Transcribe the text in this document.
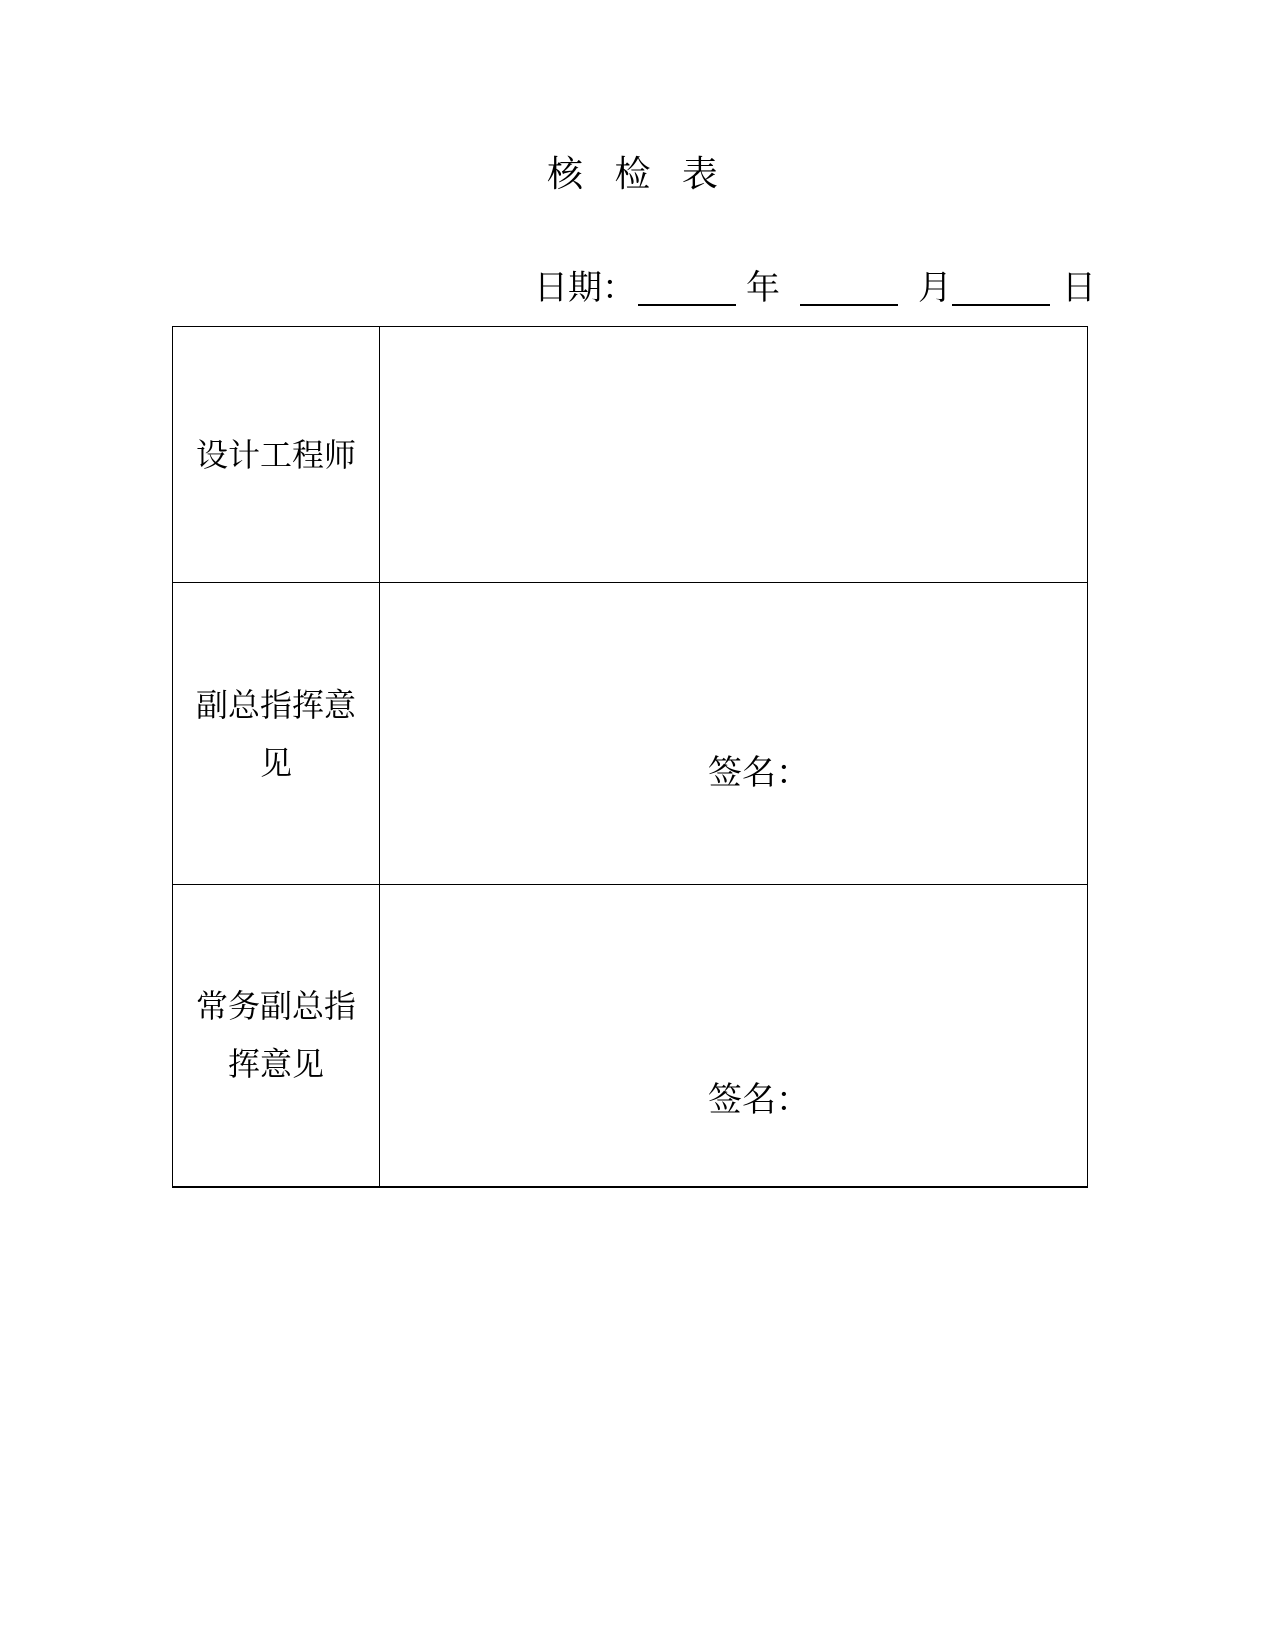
核 检 表
日期：	年	月	日
设计工程师	
副总指挥意见	签名：

常务副总指挥意见	签名：
